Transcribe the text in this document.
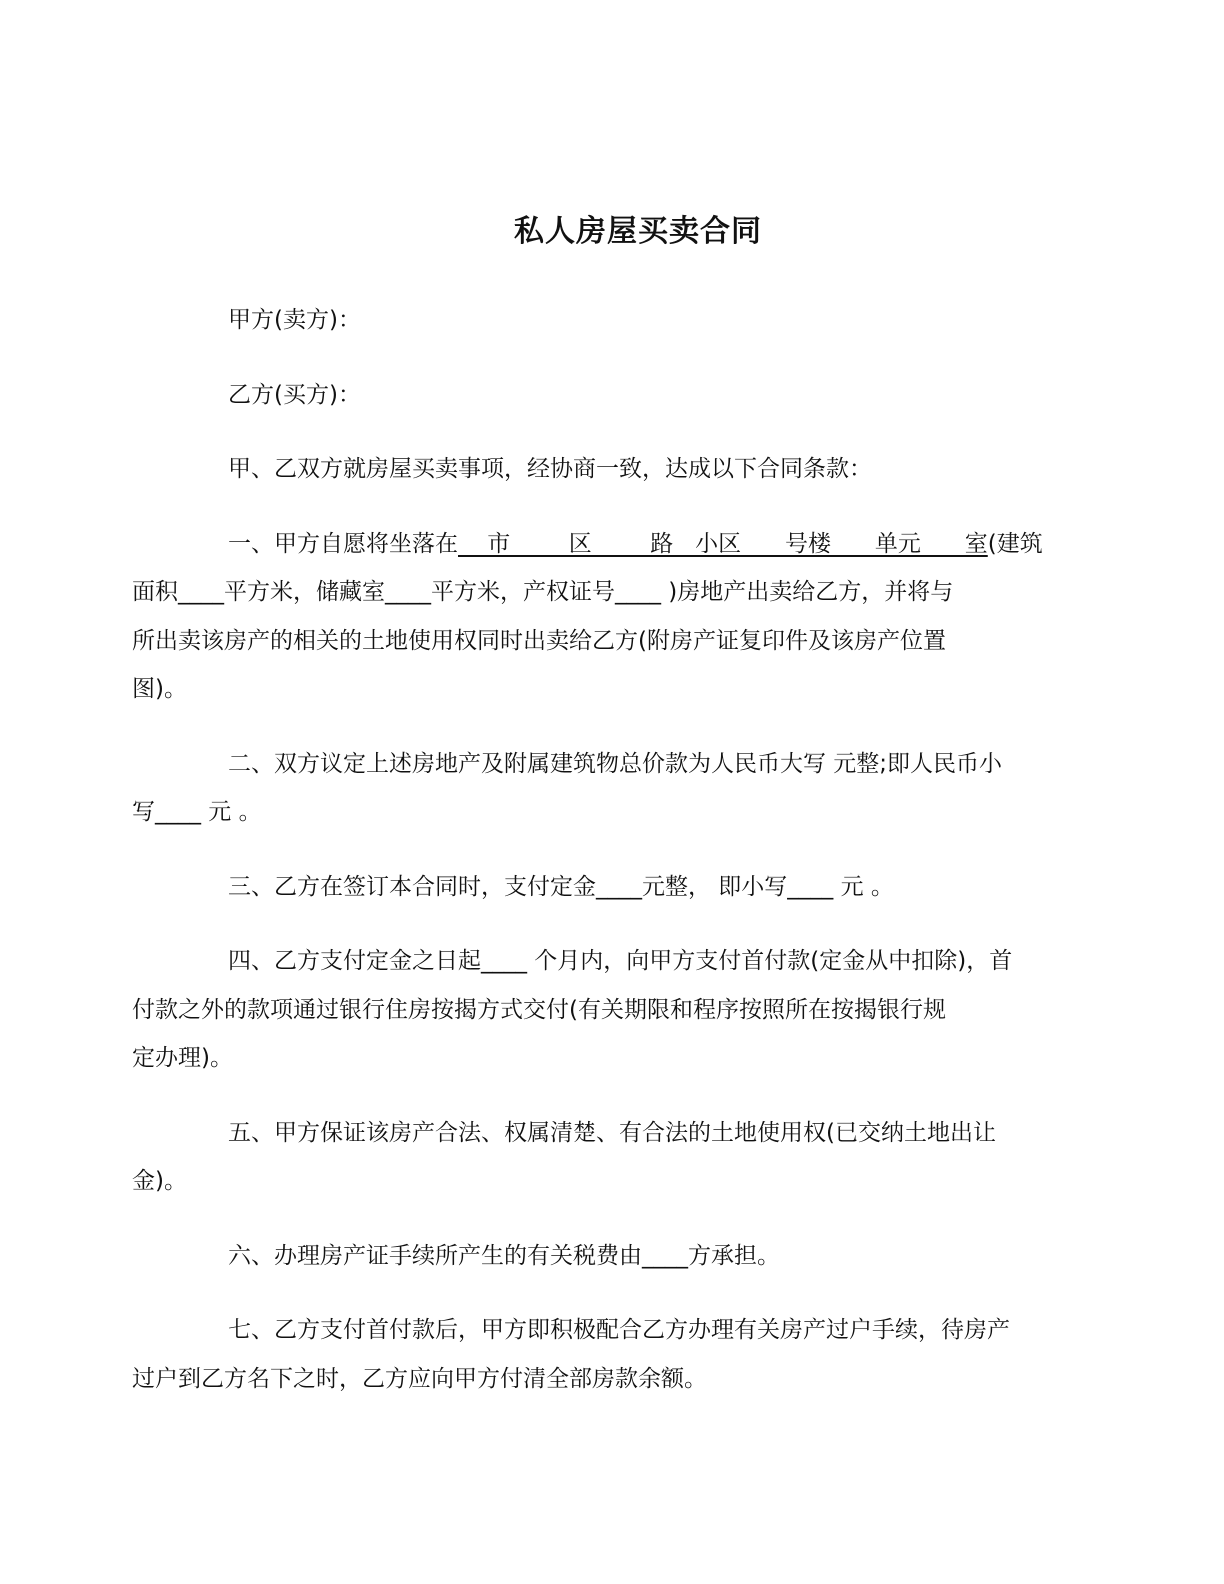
私人房屋买卖合同

甲方(卖方)：

乙方(买方)：

甲、乙双方就房屋买卖事项，经协商一致，达成以下合同条款：

一、甲方自愿将坐落在    市        区        路   小区      号楼      单元      室(建筑
面积____平方米，储藏室____平方米，产权证号____ )房地产出卖给乙方，并将与
所出卖该房产的相关的土地使用权同时出卖给乙方(附房产证复印件及该房产位置
图)。

二、双方议定上述房地产及附属建筑物总价款为人民币大写 元整;即人民币小
写____ 元 。

三、乙方在签订本合同时，支付定金____元整， 即小写____ 元 。

四、乙方支付定金之日起____ 个月内，向甲方支付首付款(定金从中扣除)，首
付款之外的款项通过银行住房按揭方式交付(有关期限和程序按照所在按揭银行规
定办理)。

五、甲方保证该房产合法、权属清楚、有合法的土地使用权(已交纳土地出让
金)。

六、办理房产证手续所产生的有关税费由____方承担。

七、乙方支付首付款后，甲方即积极配合乙方办理有关房产过户手续，待房产
过户到乙方名下之时，乙方应向甲方付清全部房款余额。
